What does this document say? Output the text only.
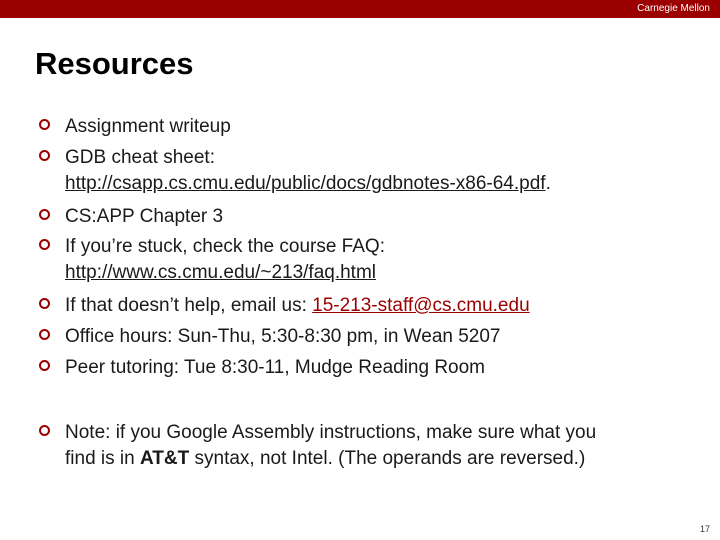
Carnegie Mellon
Resources
Assignment writeup
GDB cheat sheet:
http://csapp.cs.cmu.edu/public/docs/gdbnotes-x86-64.pdf.
CS:APP Chapter 3
If you’re stuck, check the course FAQ:
http://www.cs.cmu.edu/~213/faq.html
If that doesn’t help, email us: 15-213-staff@cs.cmu.edu
Office hours: Sun-Thu, 5:30-8:30 pm, in Wean 5207
Peer tutoring: Tue 8:30-11, Mudge Reading Room
Note: if you Google Assembly instructions, make sure what you
find is in AT&T syntax, not Intel. (The operands are reversed.)
17
